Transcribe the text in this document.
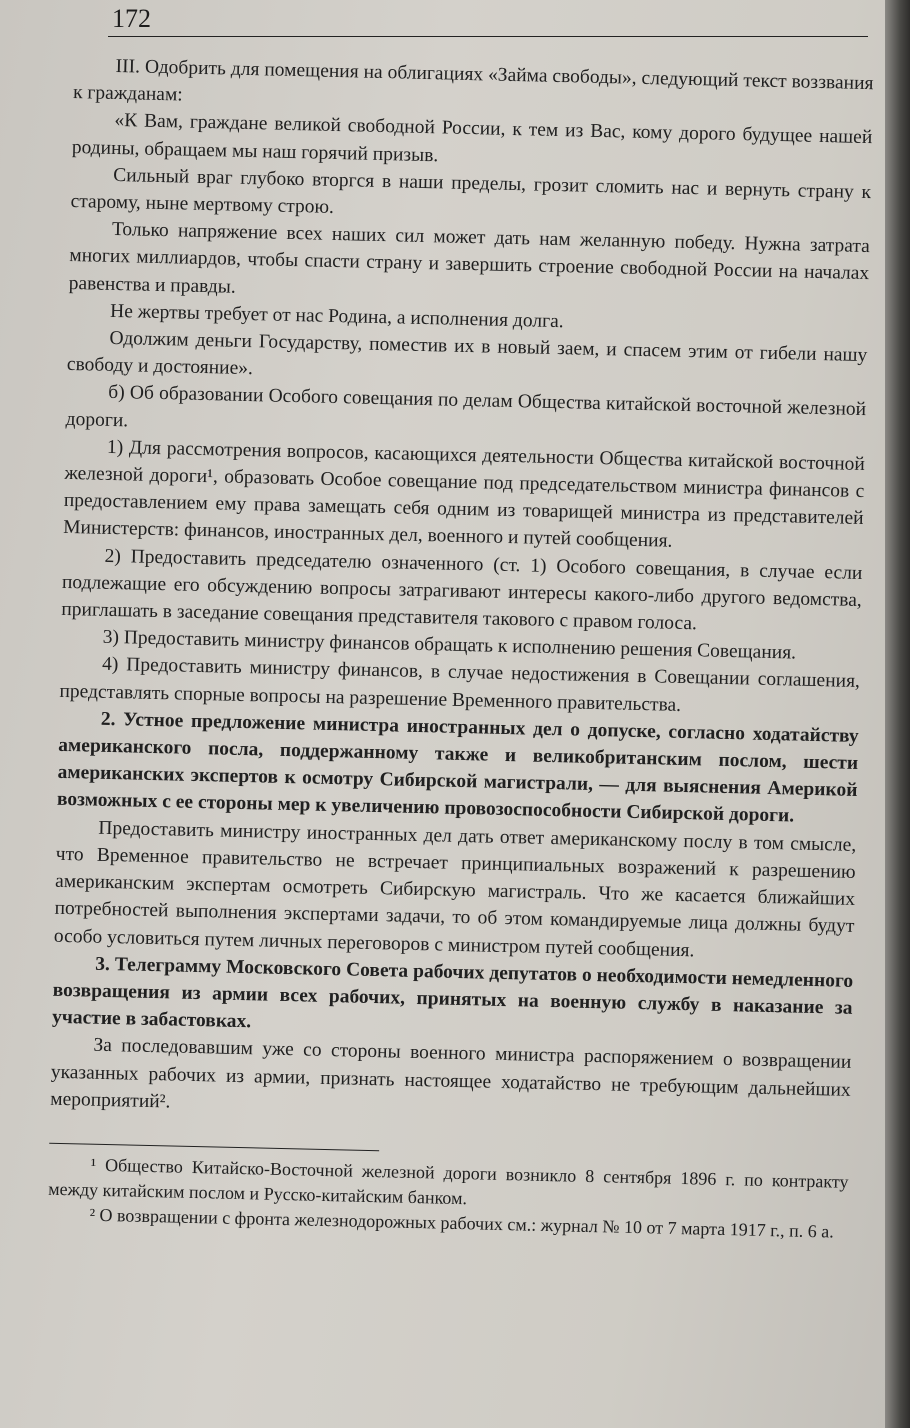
172

III. Одобрить для помещения на облигациях «Займа свободы», следующий текст воззвания к гражданам:

«К Вам, граждане великой свободной России, к тем из Вас, кому дорого будущее нашей родины, обращаем мы наш горячий призыв.

Сильный враг глубоко вторгся в наши пределы, грозит сломить нас и вернуть страну к старому, ныне мертвому строю.

Только напряжение всех наших сил может дать нам желанную победу. Нужна затрата многих миллиардов, чтобы спасти страну и завершить строение свободной России на началах равенства и правды.

Не жертвы требует от нас Родина, а исполнения долга.

Одолжим деньги Государству, поместив их в новый заем, и спасем этим от гибели нашу свободу и достояние».

б) Об образовании Особого совещания по делам Общества китайской восточной железной дороги.

1) Для рассмотрения вопросов, касающихся деятельности Общества китайской восточной железной дороги¹, образовать Особое совещание под председательством министра финансов с предоставлением ему права замещать себя одним из товарищей министра из представителей Министерств: финансов, иностранных дел, военного и путей сообщения.

2) Предоставить председателю означенного (ст. 1) Особого совещания, в случае если подлежащие его обсуждению вопросы затрагивают интересы какого-либо другого ведомства, приглашать в заседание совещания представителя такового с правом голоса.

3) Предоставить министру финансов обращать к исполнению решения Совещания.

4) Предоставить министру финансов, в случае недостижения в Совещании соглашения, представлять спорные вопросы на разрешение Временного правительства.

2. Устное предложение министра иностранных дел о допуске, согласно ходатайству американского посла, поддержанному также и великобританским послом, шести американских экспертов к осмотру Сибирской магистрали, — для выяснения Америкой возможных с ее стороны мер к увеличению провозоспособности Сибирской дороги.

Предоставить министру иностранных дел дать ответ американскому послу в том смысле, что Временное правительство не встречает принципиальных возражений к разрешению американским экспертам осмотреть Сибирскую магистраль. Что же касается ближайших потребностей выполнения экспертами задачи, то об этом командируемые лица должны будут особо условиться путем личных переговоров с министром путей сообщения.

3. Телеграмму Московского Совета рабочих депутатов о необходимости немедленного возвращения из армии всех рабочих, принятых на военную службу в наказание за участие в забастовках.

За последовавшим уже со стороны военного министра распоряжением о возвращении указанных рабочих из армии, признать настоящее ходатайство не требующим дальнейших мероприятий².

¹ Общество Китайско-Восточной железной дороги возникло 8 сентября 1896 г. по контракту между китайским послом и Русско-китайским банком.

² О возвращении с фронта железнодорожных рабочих см.: журнал № 10 от 7 марта 1917 г., п. 6 а.
